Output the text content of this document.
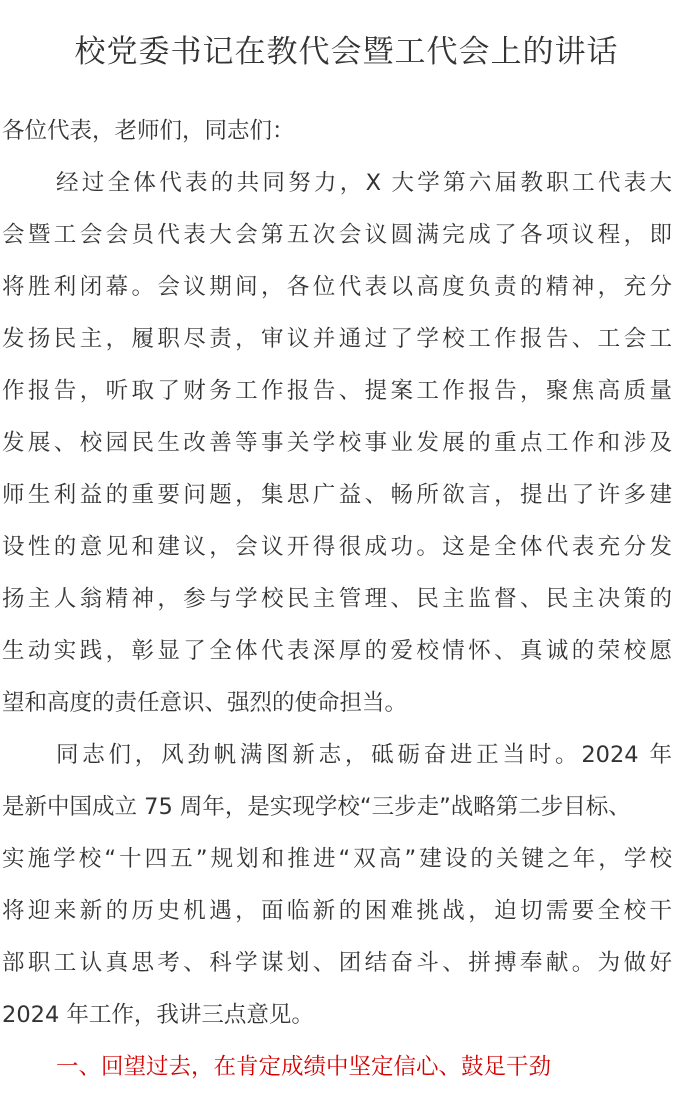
校党委书记在教代会暨工代会上的讲话
各位代表，老师们，同志们：
经过全体代表的共同努力，X 大学第六届教职工代表大
会暨工会会员代表大会第五次会议圆满完成了各项议程，即
将胜利闭幕。会议期间，各位代表以高度负责的精神，充分
发扬民主，履职尽责，审议并通过了学校工作报告、工会工
作报告，听取了财务工作报告、提案工作报告，聚焦高质量
发展、校园民生改善等事关学校事业发展的重点工作和涉及
师生利益的重要问题，集思广益、畅所欲言，提出了许多建
设性的意见和建议，会议开得很成功。这是全体代表充分发
扬主人翁精神，参与学校民主管理、民主监督、民主决策的
生动实践，彰显了全体代表深厚的爱校情怀、真诚的荣校愿
望和高度的责任意识、强烈的使命担当。
同志们，风劲帆满图新志，砥砺奋进正当时。2024 年
是新中国成立 75 周年，是实现学校“三步走”战略第二步目标、
实施学校“十四五”规划和推进“双高”建设的关键之年，学校
将迎来新的历史机遇，面临新的困难挑战，迫切需要全校干
部职工认真思考、科学谋划、团结奋斗、拼搏奉献。为做好
2024 年工作，我讲三点意见。
一、回望过去，在肯定成绩中坚定信心、鼓足干劲
